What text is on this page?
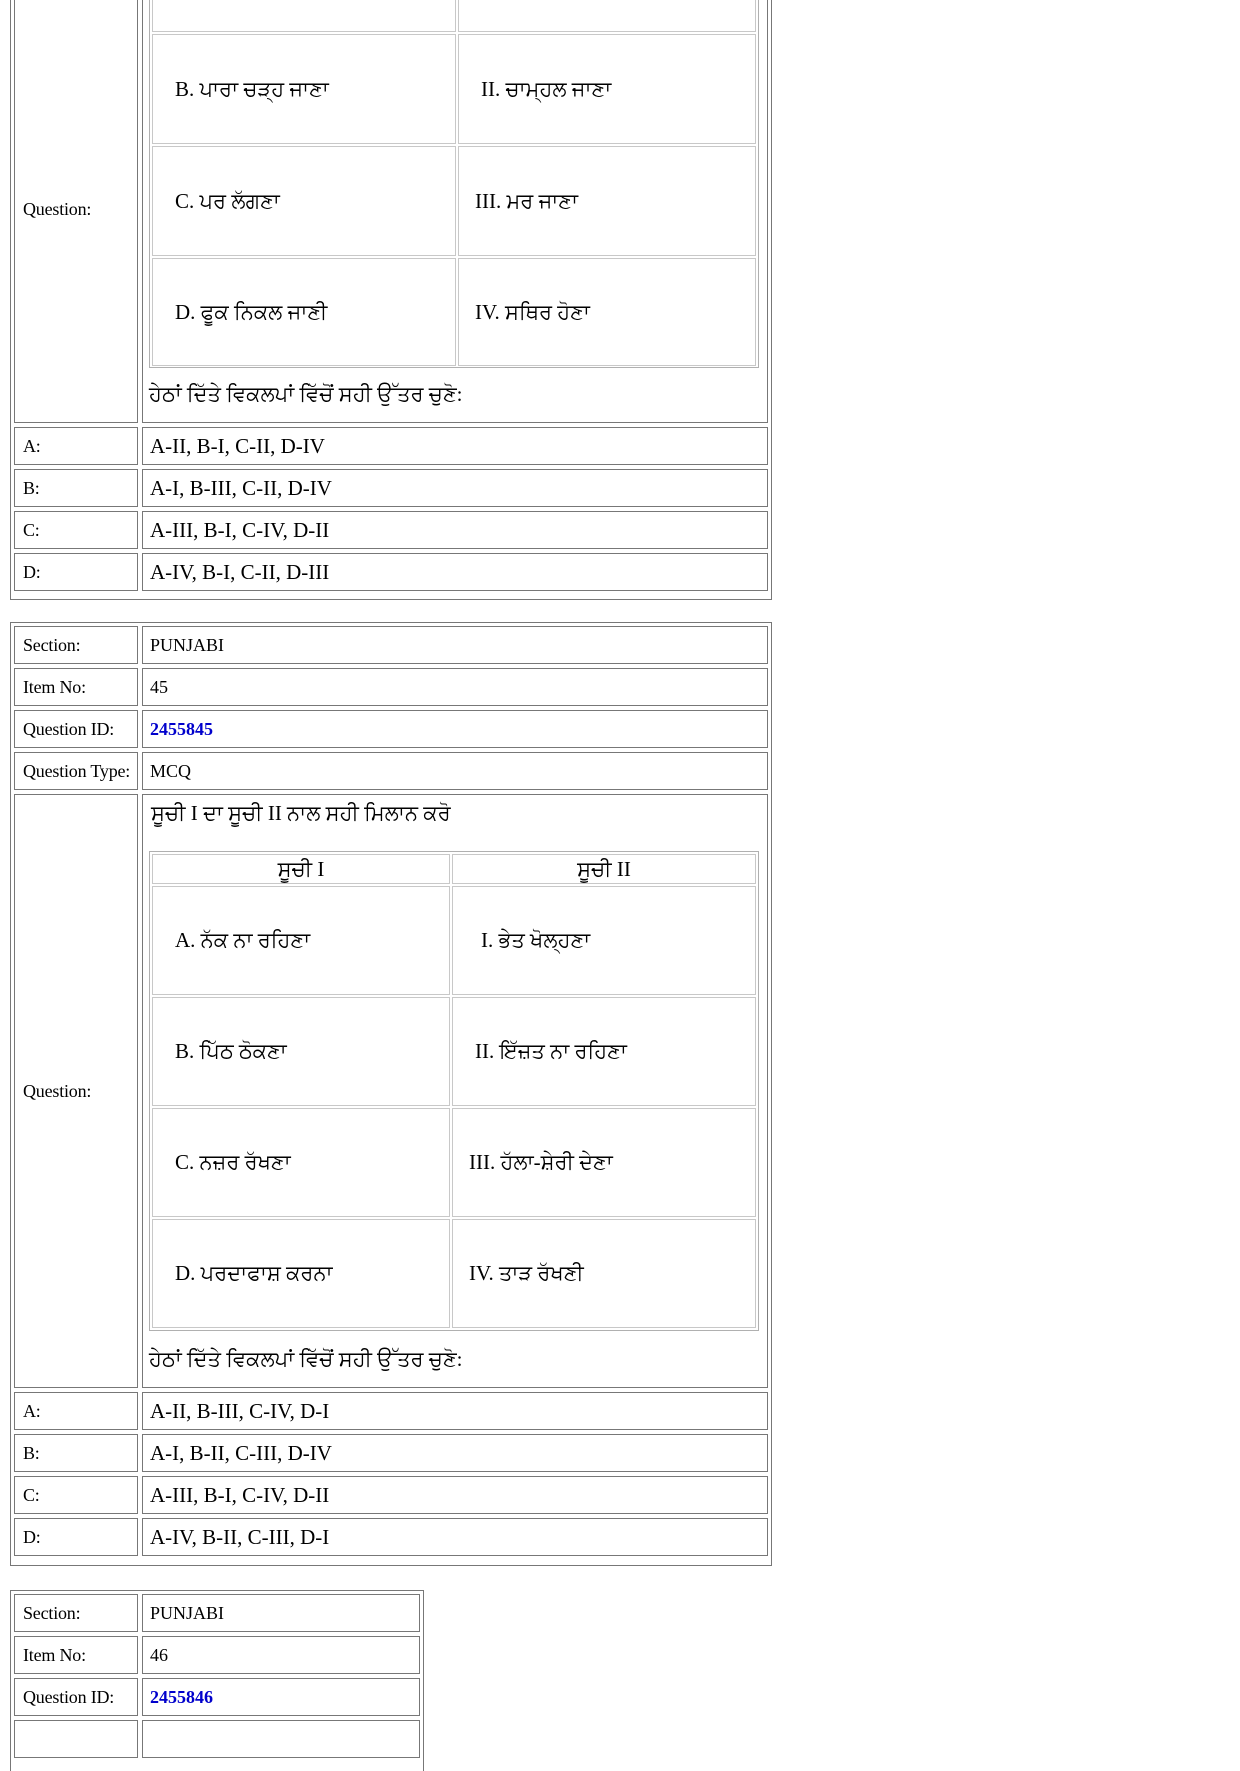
Question:
B. ਪਾਰਾ ਚੜ੍ਹ ਜਾਣਾ	II. ਚਾਮ੍ਹਲ ਜਾਣਾ
C. ਪਰ ਲੱਗਣਾ	III. ਮਰ ਜਾਣਾ
D. ਫੂਕ ਨਿਕਲ ਜਾਣੀ	IV. ਸਥਿਰ ਹੋਣਾ
ਹੇਠਾਂ ਦਿੱਤੇ ਵਿਕਲਪਾਂ ਵਿੱਚੋਂ ਸਹੀ ਉੱਤਰ ਚੁਣੋ:
A:	A-II, B-I, C-II, D-IV
B:	A-I, B-III, C-II, D-IV
C:	A-III, B-I, C-IV, D-II
D:	A-IV, B-I, C-II, D-III
Section:	PUNJABI
Item No:	45
Question ID:	2455845
Question Type:	MCQ
Question:
ਸੂਚੀ I ਦਾ ਸੂਚੀ II ਨਾਲ ਸਹੀ ਮਿਲਾਨ ਕਰੋ
ਸੂਚੀ I	ਸੂਚੀ II
A. ਨੱਕ ਨਾ ਰਹਿਣਾ	I. ਭੇਤ ਖੋਲ੍ਹਣਾ
B. ਪਿੱਠ ਠੋਕਣਾ	II. ਇੱਜ਼ਤ ਨਾ ਰਹਿਣਾ
C. ਨਜ਼ਰ ਰੱਖਣਾ	III. ਹੱਲਾ-ਸ਼ੇਰੀ ਦੇਣਾ
D. ਪਰਦਾਫਾਸ਼ ਕਰਨਾ	IV. ਤਾੜ ਰੱਖਣੀ
ਹੇਠਾਂ ਦਿੱਤੇ ਵਿਕਲਪਾਂ ਵਿੱਚੋਂ ਸਹੀ ਉੱਤਰ ਚੁਣੋ:
A:	A-II, B-III, C-IV, D-I
B:	A-I, B-II, C-III, D-IV
C:	A-III, B-I, C-IV, D-II
D:	A-IV, B-II, C-III, D-I
Section:	PUNJABI
Item No:	46
Question ID:	2455846
